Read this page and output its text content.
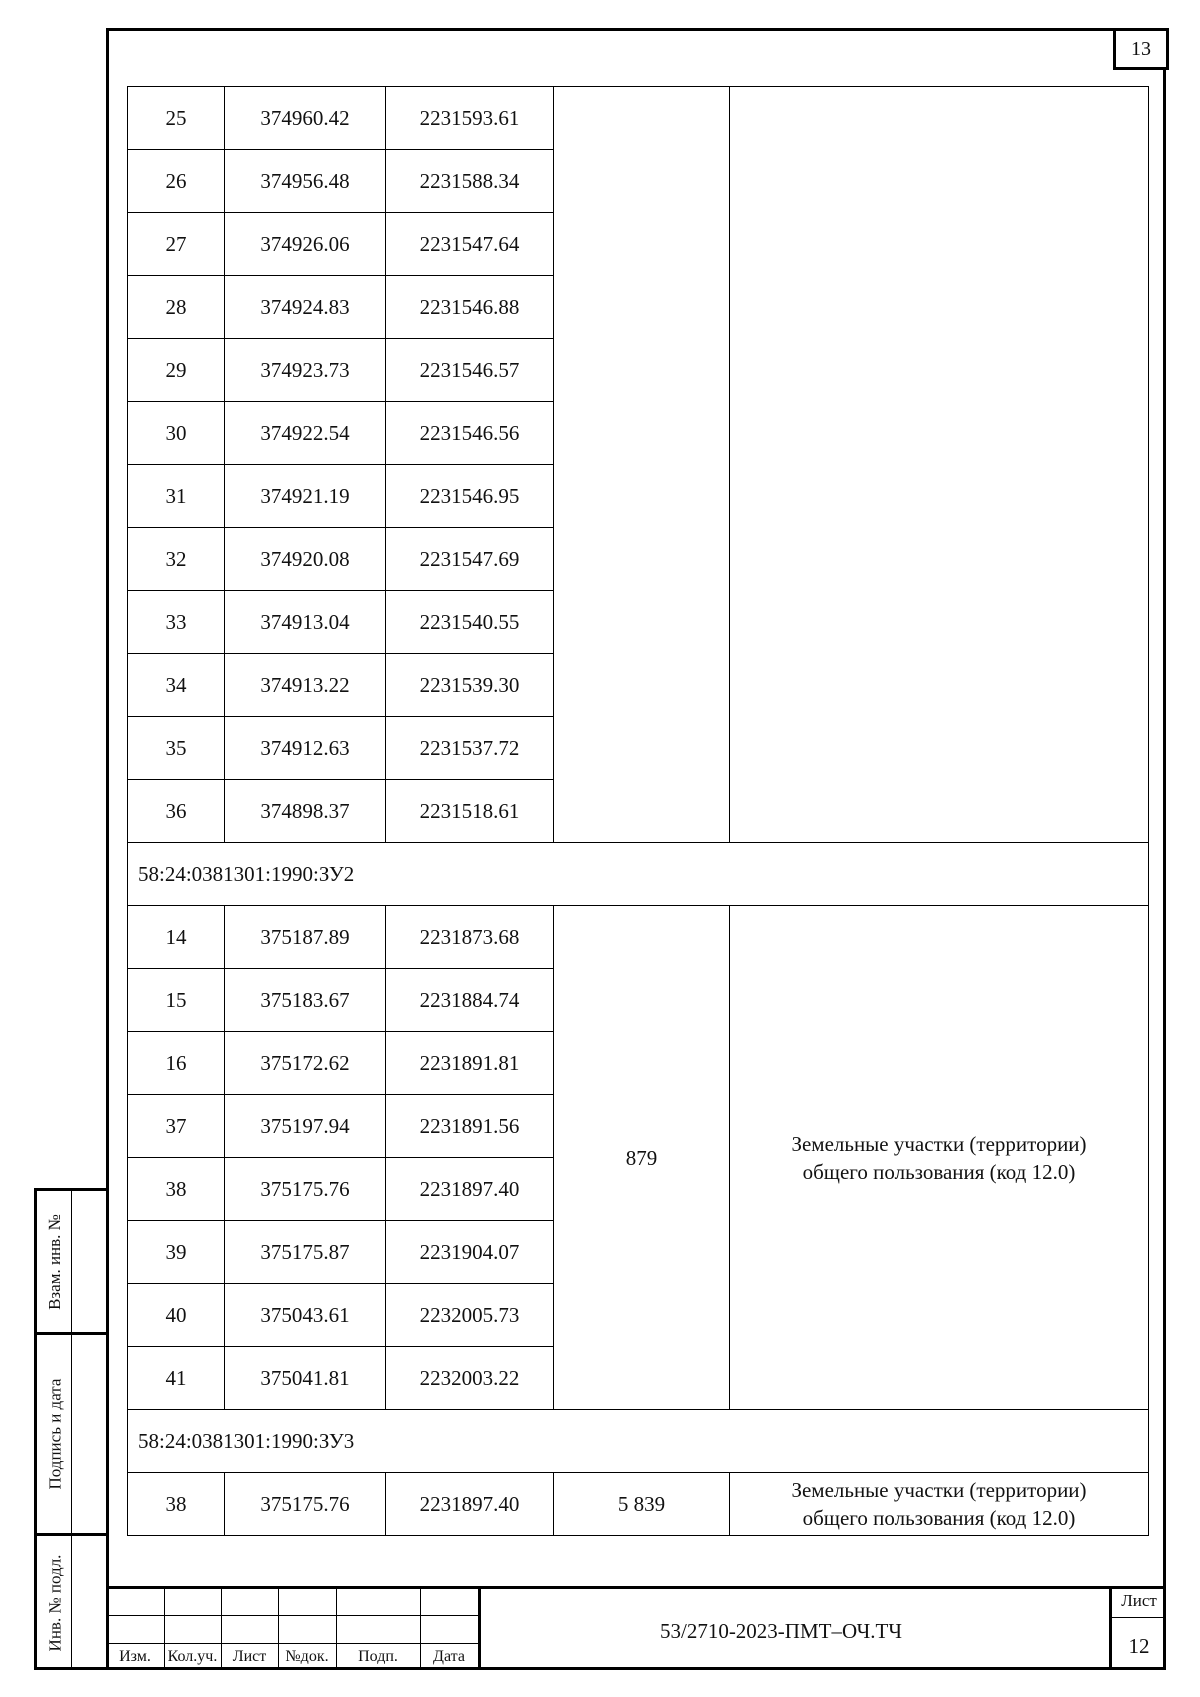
13
25	374960.42	2231593.61		
26	374956.48	2231588.34		
27	374926.06	2231547.64		
28	374924.83	2231546.88		
29	374923.73	2231546.57		
30	374922.54	2231546.56		
31	374921.19	2231546.95		
32	374920.08	2231547.69		
33	374913.04	2231540.55		
34	374913.22	2231539.30		
35	374912.63	2231537.72		
36	374898.37	2231518.61		
58:24:0381301:1990:ЗУ2				
14	375187.89	2231873.68	879	Земельные участки (территории)
общего пользования (код 12.0)

15	375183.67	2231884.74		
16	375172.62	2231891.81		
37	375197.94	2231891.56		
38	375175.76	2231897.40		
39	375175.87	2231904.07		
40	375043.61	2232005.73		
41	375041.81	2232003.22		
58:24:0381301:1990:ЗУ3				
38	375175.76	2231897.40	5 839	Земельные участки (территории)
общего пользования (код 12.0)
Взам. инв. №
Подпись и дата
Инв. № подл.
Изм.	Кол.уч. Лист	№док.	Подп.	Дата
53/2710-2023-ПМТ–ОЧ.ТЧ
Лист
12
